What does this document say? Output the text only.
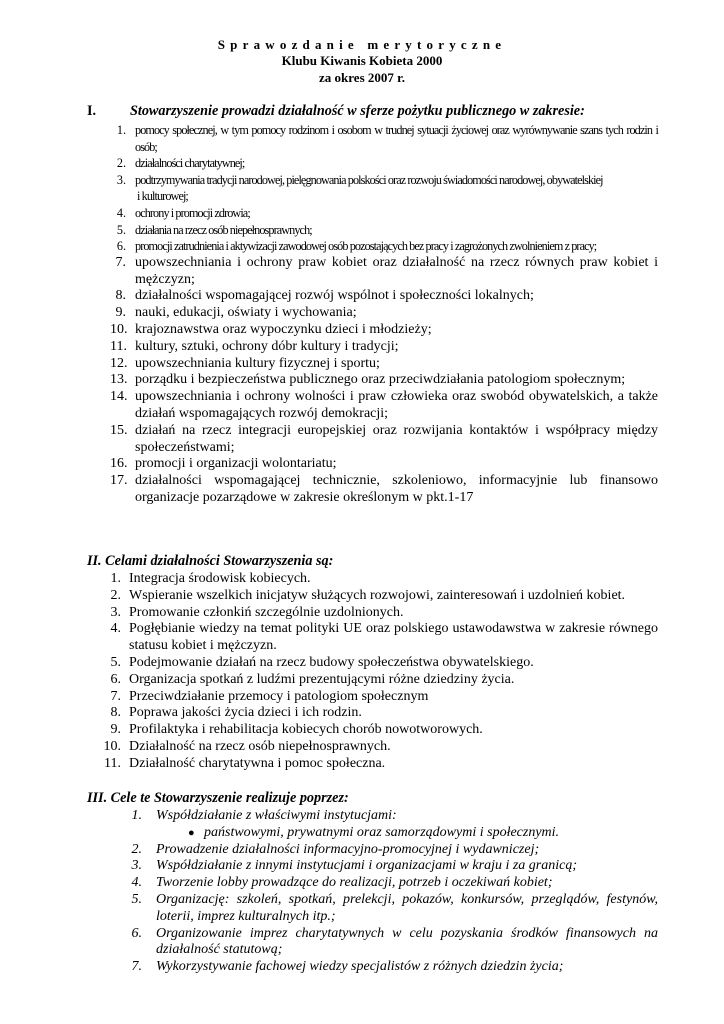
Sprawozdanie merytoryczne
Klubu Kiwanis Kobieta 2000
za okres 2007 r.
I. Stowarzyszenie prowadzi działalność w sferze pożytku publicznego w zakresie:
1. pomocy społecznej, w tym pomocy rodzinom i osobom w trudnej sytuacji życiowej oraz wyrównywanie szans tych rodzin i osób;
2. działalności charytatywnej;
3. podtrzymywania tradycji narodowej, pielęgnowania polskości oraz rozwoju świadomości narodowej, obywatelskiej
i kulturowej;
4. ochrony i promocji zdrowia;
5. działania na rzecz osób niepełnosprawnych;
6. promocji zatrudnienia i aktywizacji zawodowej osób pozostających bez pracy i zagrożonych zwolnieniem z pracy;
7. upowszechniania i ochrony praw kobiet oraz działalność na rzecz równych praw kobiet i mężczyzn;
8. działalności wspomagającej rozwój wspólnot i społeczności lokalnych;
9. nauki, edukacji, oświaty i wychowania;
10. krajoznawstwa oraz wypoczynku dzieci i młodzieży;
11. kultury, sztuki, ochrony dóbr kultury i tradycji;
12. upowszechniania kultury fizycznej i sportu;
13. porządku i bezpieczeństwa publicznego oraz przeciwdziałania patologiom społecznym;
14. upowszechniania i ochrony wolności i praw człowieka oraz swobód obywatelskich, a także działań wspomagających rozwój demokracji;
15. działań na rzecz integracji europejskiej oraz rozwijania kontaktów i współpracy między społeczeństwami;
16. promocji i organizacji wolontariatu;
17. działalności wspomagającej technicznie, szkoleniowo, informacyjnie lub finansowo organizacje pozarządowe w zakresie określonym w pkt.1-17
II. Celami działalności Stowarzyszenia są:
1. Integracja środowisk kobiecych.
2. Wspieranie wszelkich inicjatyw służących rozwojowi, zainteresowań i uzdolnień kobiet.
3. Promowanie członkiń szczególnie uzdolnionych.
4. Pogłębianie wiedzy na temat polityki UE oraz polskiego ustawodawstwa w zakresie równego statusu kobiet i mężczyzn.
5. Podejmowanie działań na rzecz budowy społeczeństwa obywatelskiego.
6. Organizacja spotkań z ludźmi prezentującymi różne dziedziny życia.
7. Przeciwdziałanie przemocy i patologiom społecznym
8. Poprawa jakości życia dzieci i ich rodzin.
9. Profilaktyka i rehabilitacja kobiecych chorób nowotworowych.
10. Działalność na rzecz osób niepełnosprawnych.
11. Działalność charytatywna i pomoc społeczna.
III. Cele te Stowarzyszenie realizuje poprzez:
1. Współdziałanie z właściwymi instytucjami:
● państwowymi, prywatnymi oraz samorządowymi i społecznymi.
2. Prowadzenie działalności informacyjno-promocyjnej i wydawniczej;
3. Współdziałanie z innymi instytucjami i organizacjami w kraju i za granicą;
4. Tworzenie lobby prowadzące do realizacji, potrzeb i oczekiwań kobiet;
5. Organizację: szkoleń, spotkań, prelekcji, pokazów, konkursów, przeglądów, festynów, loterii, imprez kulturalnych itp.;
6. Organizowanie imprez charytatywnych w celu pozyskania środków finansowych na działalność statutową;
7. Wykorzystywanie fachowej wiedzy specjalistów z różnych dziedzin życia;
